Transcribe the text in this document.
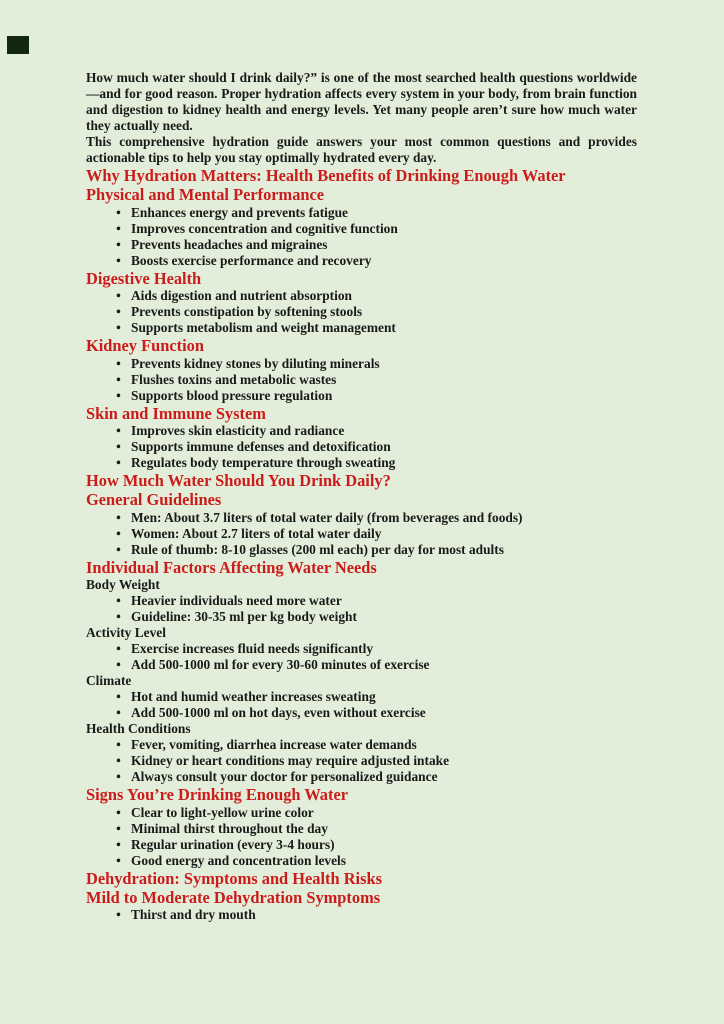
How much water should I drink daily?” is one of the most searched health questions worldwide—and for good reason. Proper hydration affects every system in your body, from brain function and digestion to kidney health and energy levels. Yet many people aren’t sure how much water they actually need.

This comprehensive hydration guide answers your most common questions and provides actionable tips to help you stay optimally hydrated every day.

Why Hydration Matters: Health Benefits of Drinking Enough Water
Physical and Mental Performance
• Enhances energy and prevents fatigue
• Improves concentration and cognitive function
• Prevents headaches and migraines
• Boosts exercise performance and recovery
Digestive Health
• Aids digestion and nutrient absorption
• Prevents constipation by softening stools
• Supports metabolism and weight management
Kidney Function
• Prevents kidney stones by diluting minerals
• Flushes toxins and metabolic wastes
• Supports blood pressure regulation
Skin and Immune System
• Improves skin elasticity and radiance
• Supports immune defenses and detoxification
• Regulates body temperature through sweating
How Much Water Should You Drink Daily?
General Guidelines
• Men: About 3.7 liters of total water daily (from beverages and foods)
• Women: About 2.7 liters of total water daily
• Rule of thumb: 8-10 glasses (200 ml each) per day for most adults
Individual Factors Affecting Water Needs
Body Weight
• Heavier individuals need more water
• Guideline: 30-35 ml per kg body weight
Activity Level
• Exercise increases fluid needs significantly
• Add 500-1000 ml for every 30-60 minutes of exercise
Climate
• Hot and humid weather increases sweating
• Add 500-1000 ml on hot days, even without exercise
Health Conditions
• Fever, vomiting, diarrhea increase water demands
• Kidney or heart conditions may require adjusted intake
• Always consult your doctor for personalized guidance
Signs You’re Drinking Enough Water
• Clear to light-yellow urine color
• Minimal thirst throughout the day
• Regular urination (every 3-4 hours)
• Good energy and concentration levels
Dehydration: Symptoms and Health Risks
Mild to Moderate Dehydration Symptoms
• Thirst and dry mouth
